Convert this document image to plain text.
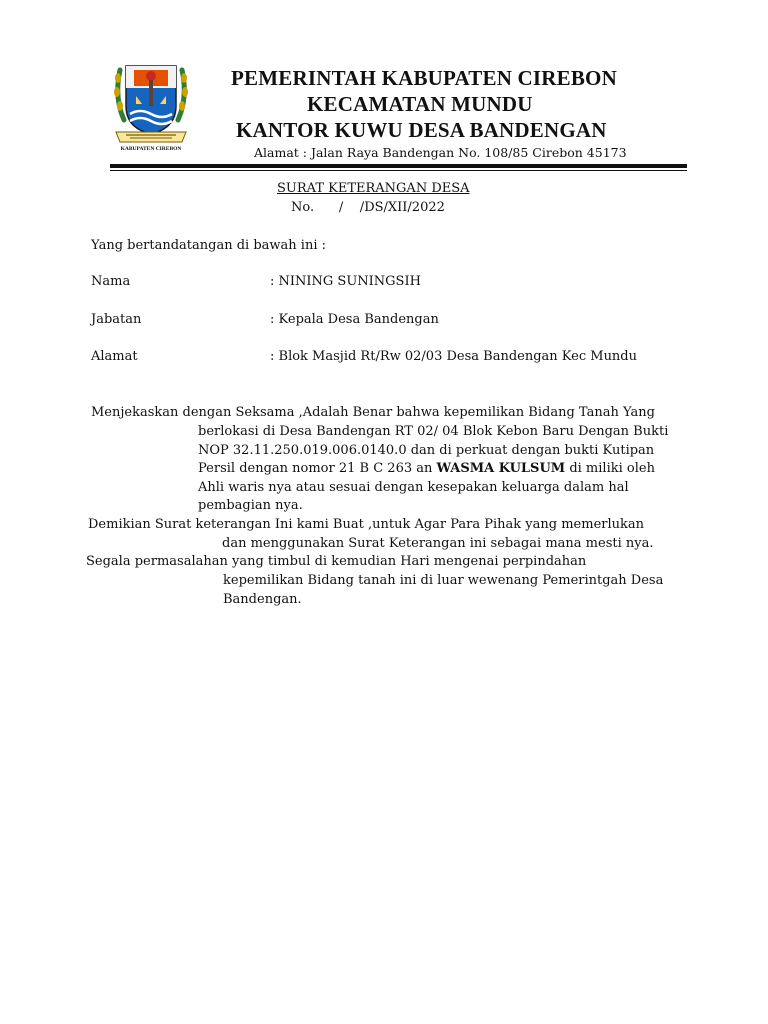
KABUPATEN CIREBON
PEMERINTAH KABUPATEN CIREBON
KECAMATAN MUNDU
KANTOR KUWU DESA BANDENGAN
Alamat : Jalan Raya Bandengan No. 108/85 Cirebon 45173
SURAT KETERANGAN DESA
No.      /    /DS/XII/2022
Yang bertandatangan di bawah ini :
Nama	: NINING SUNINGSIH
Jabatan	: Kepala Desa Bandengan
Alamat	: Blok Masjid Rt/Rw 02/03 Desa Bandengan Kec Mundu
Menjekaskan dengan Seksama ,Adalah Benar bahwa kepemilikan Bidang Tanah Yang
berlokasi di Desa Bandengan RT 02/ 04 Blok Kebon Baru Dengan Bukti
NOP 32.11.250.019.006.0140.0 dan di perkuat dengan bukti Kutipan
Persil dengan nomor 21 B C 263 an WASMA KULSUM di miliki oleh
Ahli waris nya atau sesuai dengan kesepakan keluarga dalam hal
pembagian nya.
Demikian Surat keterangan Ini kami Buat ,untuk Agar Para Pihak yang memerlukan
dan menggunakan Surat Keterangan ini sebagai mana mesti nya.
Segala permasalahan yang timbul di kemudian Hari mengenai perpindahan
kepemilikan Bidang tanah ini di luar wewenang Pemerintgah Desa
Bandengan.
